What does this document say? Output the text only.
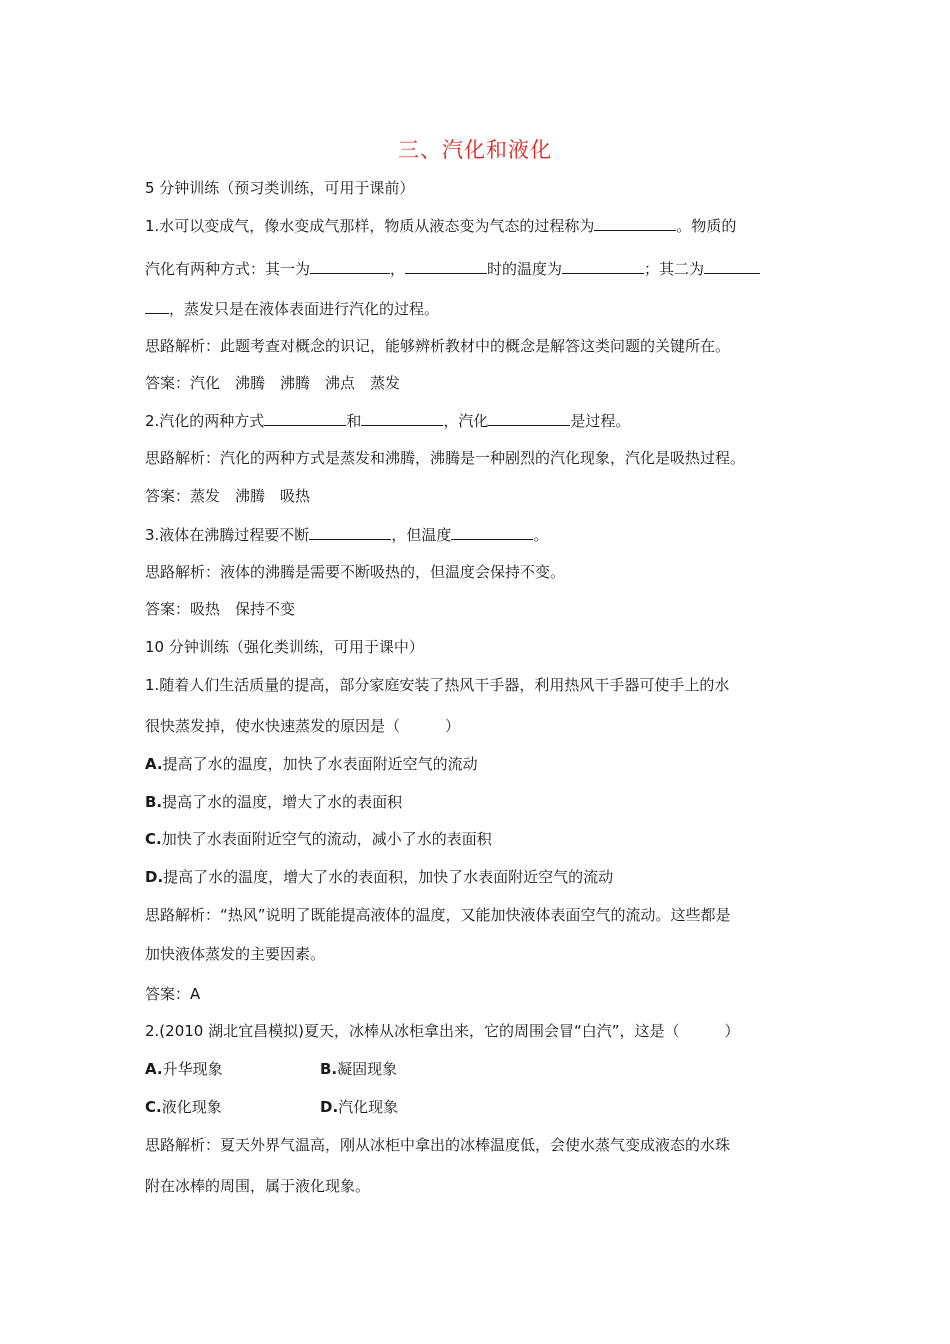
三、汽化和液化
5 分钟训练（预习类训练，可用于课前）
1.水可以变成气，像水变成气那样，物质从液态变为气态的过程称为	。物质的
汽化有两种方式：其一为	，	时的温度为	；其二为
，蒸发只是在液体表面进行汽化的过程。
思路解析：此题考查对概念的识记，能够辨析教材中的概念是解答这类问题的关键所在。
答案：汽化　沸腾　沸腾　沸点　蒸发
2.汽化的两种方式	和	，汽化	是过程。
思路解析：汽化的两种方式是蒸发和沸腾，沸腾是一种剧烈的汽化现象，汽化是吸热过程。
答案：蒸发　沸腾　吸热
3.液体在沸腾过程要不断	，但温度	。
思路解析：液体的沸腾是需要不断吸热的，但温度会保持不变。
答案：吸热　保持不变
10 分钟训练（强化类训练，可用于课中）
1.随着人们生活质量的提高，部分家庭安装了热风干手器，利用热风干手器可使手上的水
很快蒸发掉，使水快速蒸发的原因是（　　　）
A.提高了水的温度，加快了水表面附近空气的流动
B.提高了水的温度，增大了水的表面积
C.加快了水表面附近空气的流动，减小了水的表面积
D.提高了水的温度，增大了水的表面积，加快了水表面附近空气的流动
思路解析：“热风”说明了既能提高液体的温度，又能加快液体表面空气的流动。这些都是
加快液体蒸发的主要因素。
答案：A
2.(2010 湖北宜昌模拟)夏天，冰棒从冰柜拿出来，它的周围会冒“白汽”，这是（　　　）
A.升华现象	B.凝固现象
C.液化现象	D.汽化现象
思路解析：夏天外界气温高，刚从冰柜中拿出的冰棒温度低，会使水蒸气变成液态的水珠
附在冰棒的周围，属于液化现象。
